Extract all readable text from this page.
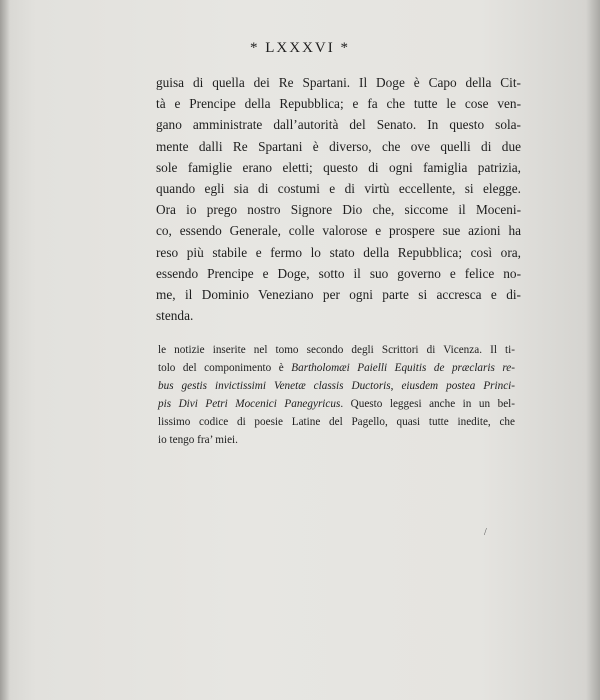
* LXXXVI *
guisa di quella dei Re Spartani. Il Doge è Capo della Cit-
tà e Prencipe della Repubblica; e fa che tutte le cose ven-
gano amministrate dall’autorità del Senato. In questo sola-
mente dalli Re Spartani è diverso, che ove quelli di due
sole famiglie erano eletti; questo di ogni famiglia patrizia,
quando egli sia di costumi e di virtù eccellente, si elegge.
Ora io prego nostro Signore Dio che, siccome il Moceni-
co, essendo Generale, colle valorose e prospere sue azioni ha
reso più stabile e fermo lo stato della Repubblica; così ora,
essendo Prencipe e Doge, sotto il suo governo e felice no-
me, il Dominio Veneziano per ogni parte si accresca e di-
stenda.
le notizie inserite nel tomo secondo degli Scrittori di Vicenza. Il ti-
tolo del componimento è Bartholomæi Paielli Equitis de præclaris re-
bus gestis invictissimi Venetæ classis Ductoris, eiusdem postea Princi-
pis Divi Petri Mocenici Panegyricus. Questo leggesi anche in un bel-
lissimo codice di poesie Latine del Pagello, quasi tutte inedite, che
io tengo fra’ miei.
/
